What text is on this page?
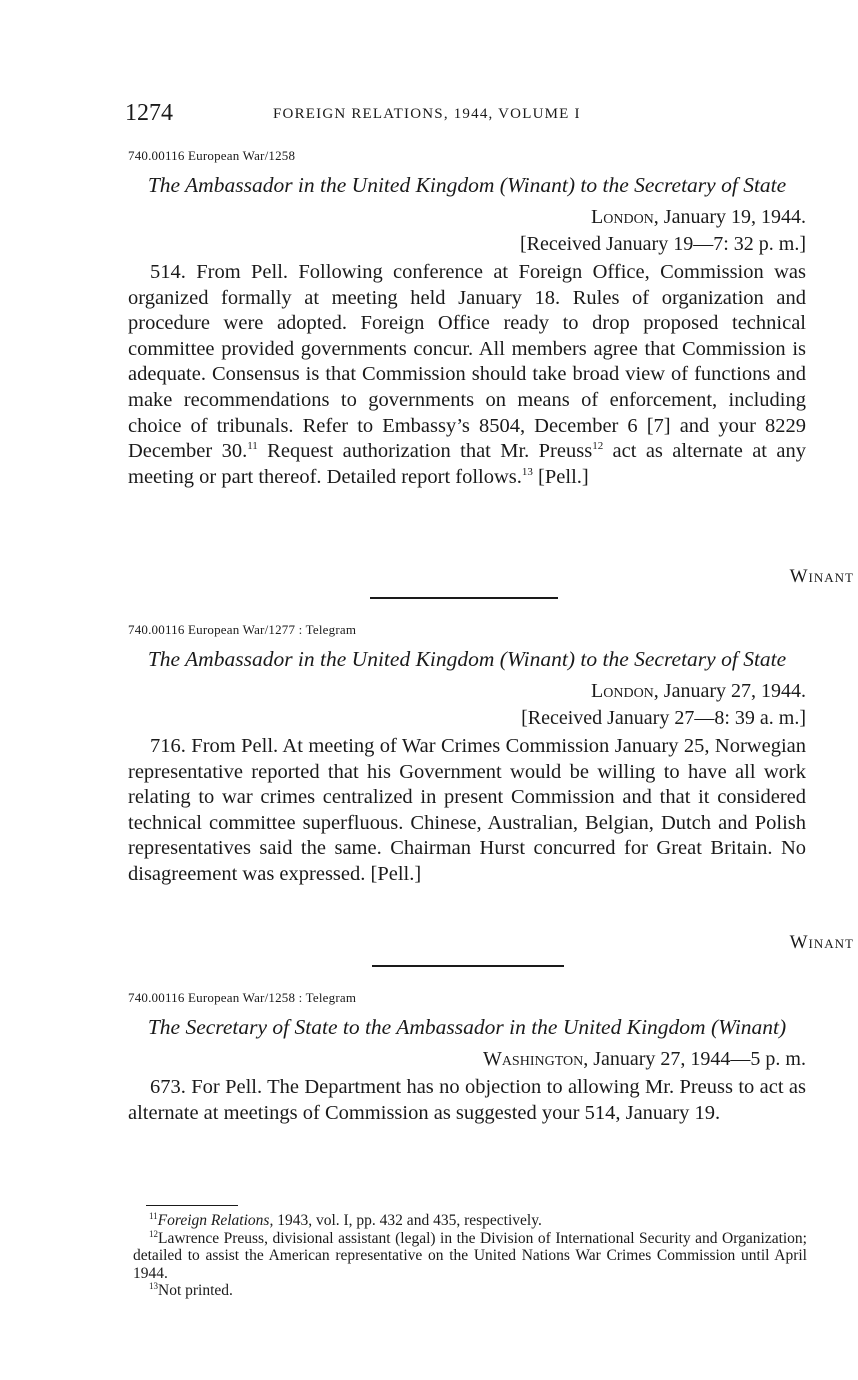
1274	FOREIGN RELATIONS, 1944, VOLUME I

740.00116 European War/1258

The Ambassador in the United Kingdom (Winant) to the Secretary of State

London, January 19, 1944.
[Received January 19—7: 32 p. m.]

514. From Pell. Following conference at Foreign Office, Commission was organized formally at meeting held January 18. Rules of organization and procedure were adopted. Foreign Office ready to drop proposed technical committee provided governments concur. All members agree that Commission is adequate. Consensus is that Commission should take broad view of functions and make recommendations to governments on means of enforcement, including choice of tribunals. Refer to Embassy’s 8504, December 6 [7] and your 8229 December 30.11 Request authorization that Mr. Preuss$^{12}$ act as alternate at any meeting or part thereof. Detailed report follows.$^{13}$ [Pell.]

Winant

740.00116 European War/1277 : Telegram

The Ambassador in the United Kingdom (Winant) to the Secretary of State

London, January 27, 1944.
[Received January 27—8: 39 a. m.]

716. From Pell. At meeting of War Crimes Commission January 25, Norwegian representative reported that his Government would be willing to have all work relating to war crimes centralized in present Commission and that it considered technical committee superfluous. Chinese, Australian, Belgian, Dutch and Polish representatives said the same. Chairman Hurst concurred for Great Britain. No disagreement was expressed. [Pell.]

Winant

740.00116 European War/1258 : Telegram

The Secretary of State to the Ambassador in the United Kingdom (Winant)

Washington, January 27, 1944—5 p. m.

673. For Pell. The Department has no objection to allowing Mr. Preuss to act as alternate at meetings of Commission as suggested your 514, January 19.

$^{11}$Foreign Relations, 1943, vol. I, pp. 432 and 435, respectively.

$^{12}$Lawrence Preuss, divisional assistant (legal) in the Division of International Security and Organization; detailed to assist the American representative on the United Nations War Crimes Commission until April 1944.

$^{13}$Not printed.
